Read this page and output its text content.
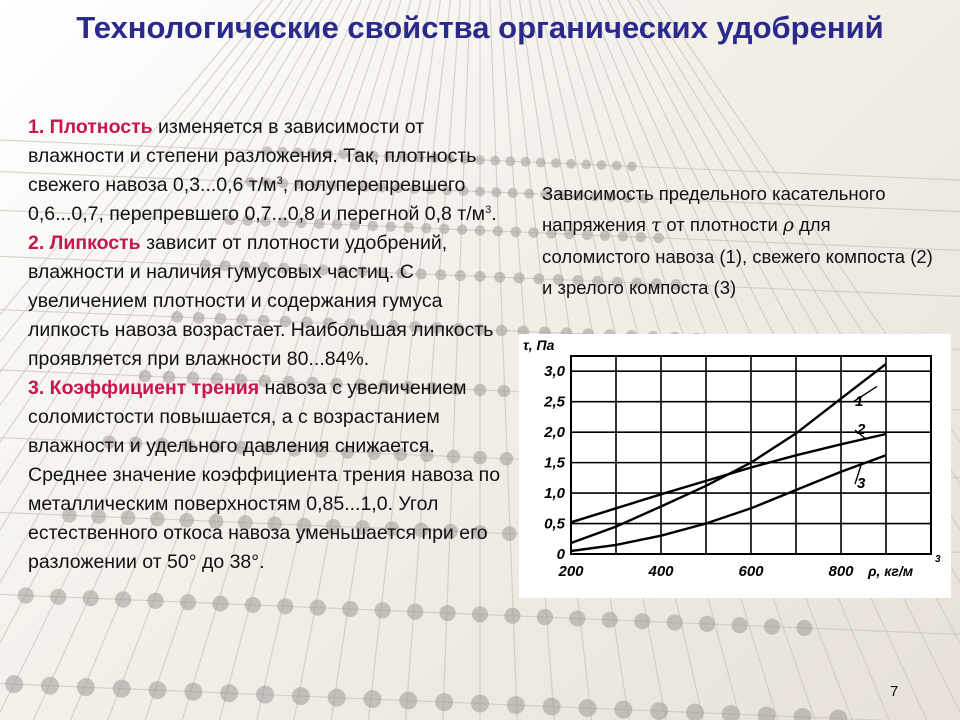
Технологические свойства органических удобрений

1. Плотность изменяется в зависимости от влажности и степени разложения. Так, плотность свежего навоза 0,3...0,6 $т/м^3$, полуперепревшего 0,6...0,7, перепревшего 0,7...0,8 и перегной 0,8 $т/м^3$.

2. Липкость зависит от плотности удобрений, влажности и наличия гумусовых частиц. С увеличением плотности и содержания гумуса липкость навоза возрастает. Наибольшая липкость проявляется при влажности 80...84%.

3. Коэффициент трения навоза с увеличением соломистости повышается, а с возрастанием влажности и удельного давления снижается.

Среднее значение коэффициента трения навоза по металлическим поверхностям 0,85...1,0. Угол естественного откоса навоза уменьшается при его разложении от 50° до 38°.

Зависимость предельного касательного напряжения τ от плотности ρ для соломистого навоза (1), свежего компоста (2) и зрелого компоста (3)
0
0,5
1,0
1,5
2,0
2,5
3,0
200	400	600	800
τ, Па
ρ, кг/м
3
1
2
3
7
